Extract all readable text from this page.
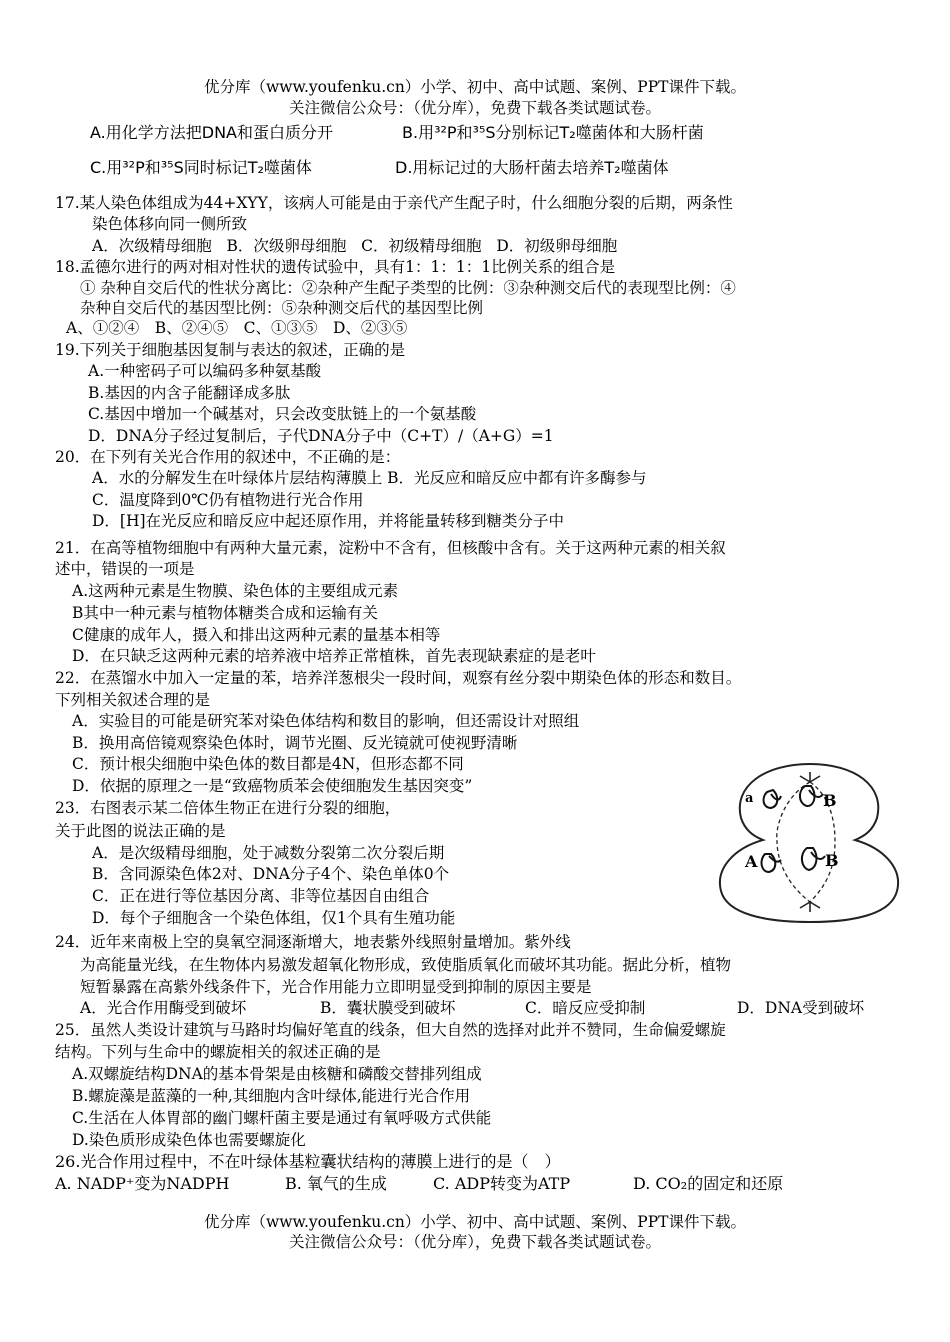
优分库（www.youfenku.cn）小学、初中、高中试题、案例、PPT课件下载。
关注微信公众号：（优分库），免费下载各类试题试卷。
A.用化学方法把DNA和蛋白质分开	B.用³²P和³⁵S分别标记T₂噬菌体和大肠杆菌
C.用³²P和³⁵S同时标记T₂噬菌体	D.用标记过的大肠杆菌去培养T₂噬菌体
17.某人染色体组成为44+XYY，该病人可能是由于亲代产生配子时，什么细胞分裂的后期，两条性
染色体移向同一侧所致
A．次级精母细胞 B．次级卵母细胞 C．初级精母细胞 D．初级卵母细胞
18.孟德尔进行的两对相对性状的遗传试验中，具有1：1：1：1比例关系的组合是
① 杂种自交后代的性状分离比：②杂种产生配子类型的比例：③杂种测交后代的表现型比例：④
杂种自交后代的基因型比例：⑤杂种测交后代的基因型比例
A、①②④　B、②④⑤　C、①③⑤　D、②③⑤
19.下列关于细胞基因复制与表达的叙述，正确的是
A.一种密码子可以编码多种氨基酸
B.基因的内含子能翻译成多肽
C.基因中增加一个碱基对，只会改变肽链上的一个氨基酸
D．DNA分子经过复制后，子代DNA分子中（C+T）/（A+G）=1
20．在下列有关光合作用的叙述中，不正确的是：
A．水的分解发生在叶绿体片层结构薄膜上 B．光反应和暗反应中都有许多酶参与
C．温度降到0℃仍有植物进行光合作用
D．[H]在光反应和暗反应中起还原作用，并将能量转移到糖类分子中
21．在高等植物细胞中有两种大量元素，淀粉中不含有，但核酸中含有。关于这两种元素的相关叙
述中，错误的一项是
A.这两种元素是生物膜、染色体的主要组成元素
B其中一种元素与植物体糖类合成和运输有关
C健康的成年人，摄入和排出这两种元素的量基本相等
D．在只缺乏这两种元素的培养液中培养正常植株，首先表现缺素症的是老叶
22．在蒸馏水中加入一定量的苯，培养洋葱根尖一段时间，观察有丝分裂中期染色体的形态和数目。
下列相关叙述合理的是
A．实验目的可能是研究苯对染色体结构和数目的影响，但还需设计对照组
B．换用高倍镜观察染色体时，调节光圈、反光镜就可使视野清晰
C．预计根尖细胞中染色体的数目都是4N，但形态都不同
D．依据的原理之一是“致癌物质苯会使细胞发生基因突变”
23．右图表示某二倍体生物正在进行分裂的细胞，
关于此图的说法正确的是
A．是次级精母细胞，处于减数分裂第二次分裂后期
B．含同源染色体2对、DNA分子4个、染色单体0个
C．正在进行等位基因分离、非等位基因自由组合
D．每个子细胞含一个染色体组，仅1个具有生殖功能
a	B
A	B
24．近年来南极上空的臭氧空洞逐渐增大，地表紫外线照射量增加。紫外线
为高能量光线，在生物体内易激发超氧化物形成，致使脂质氧化而破坏其功能。据此分析，植物
短暂暴露在高紫外线条件下，光合作用能力立即明显受到抑制的原因主要是
A．光合作用酶受到破坏	B．囊状膜受到破坏	C．暗反应受抑制	D．DNA受到破坏
25．虽然人类设计建筑与马路时均偏好笔直的线条，但大自然的选择对此并不赞同，生命偏爱螺旋
结构。下列与生命中的螺旋相关的叙述正确的是
A.双螺旋结构DNA的基本骨架是由核糖和磷酸交替排列组成
B.螺旋藻是蓝藻的一种,其细胞内含叶绿体,能进行光合作用
C.生活在人体胃部的幽门螺杆菌主要是通过有氧呼吸方式供能
D.染色质形成染色体也需要螺旋化
26.光合作用过程中，不在叶绿体基粒囊状结构的薄膜上进行的是（　）
A. NADP⁺变为NADPH	B. 氧气的生成	C. ADP转变为ATP	D. CO₂的固定和还原
优分库（www.youfenku.cn）小学、初中、高中试题、案例、PPT课件下载。
关注微信公众号：（优分库），免费下载各类试题试卷。
